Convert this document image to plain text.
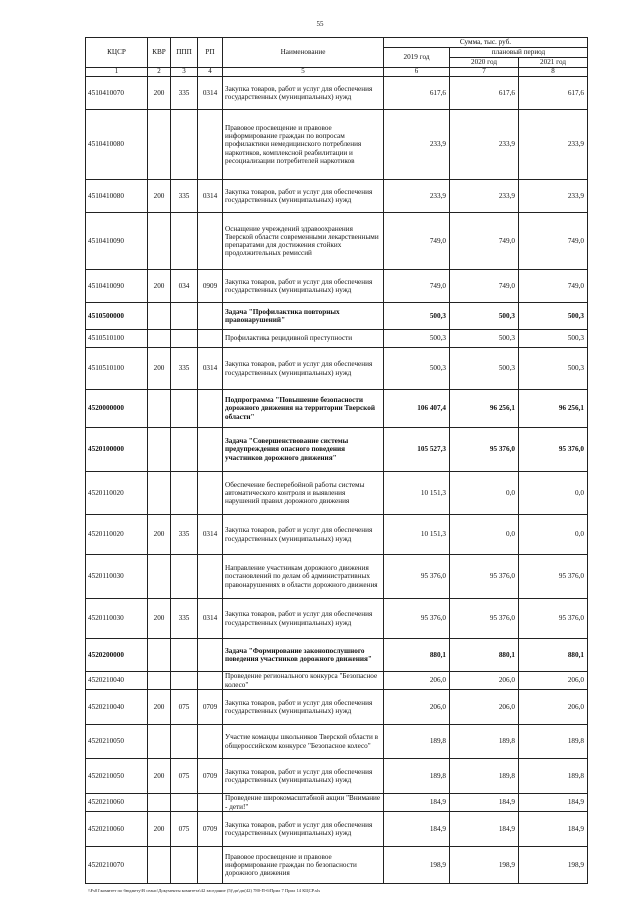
55
КЦСР	КВР	ППП	РП	Наименование	Сумма, тыс. руб.		
					2019 год	плановый период	
						2020 год	2021 год
1	2	3	4	5	6	7	8
4510410070	200	335	0314	Закупка товаров, работ и услуг для обеспечения государственных (муниципальных) нужд	617,6	617,6	617,6
4510410080				Правовое просвещение и правовое информирование граждан по вопросам профилактики немедицинского потребления наркотиков, комплексной реабилитации и ресоциализации потребителей наркотиков	233,9	233,9	233,9
4510410080	200	335	0314	Закупка товаров, работ и услуг для обеспечения государственных (муниципальных) нужд	233,9	233,9	233,9
4510410090				Оснащение учреждений здравоохранения Тверской области современными лекарственными препаратами для достижения стойких продолжительных ремиссий	749,0	749,0	749,0
4510410090	200	034	0909	Закупка товаров, работ и услуг для обеспечения государственных (муниципальных) нужд	749,0	749,0	749,0
4510500000				Задача "Профилактика повторных правонарушений"	500,3	500,3	500,3
4510510100				Профилактика рецидивной преступности	500,3	500,3	500,3
4510510100	200	335	0314	Закупка товаров, работ и услуг для обеспечения государственных (муниципальных) нужд	500,3	500,3	500,3
4520000000				Подпрограмма "Повышение безопасности дорожного движения на территории Тверской области"	106 407,4	96 256,1	96 256,1
4520100000				Задача "Совершенствование системы предупреждения опасного поведения участников дорожного движения"	105 527,3	95 376,0	95 376,0
4520110020				Обеспечение бесперебойной работы системы автоматического контроля и выявления нарушений правил дорожного движения	10 151,3	0,0	0,0
4520110020	200	335	0314	Закупка товаров, работ и услуг для обеспечения государственных (муниципальных) нужд	10 151,3	0,0	0,0
4520110030				Направление участникам дорожного движения постановлений по делам об административных правонарушениях в области дорожного движения	95 376,0	95 376,0	95 376,0
4520110030	200	335	0314	Закупка товаров, работ и услуг для обеспечения государственных (муниципальных) нужд	95 376,0	95 376,0	95 376,0
4520200000				Задача "Формирование законопослушного поведения участников дорожного движения"	880,1	880,1	880,1
4520210040				Проведение регионального конкурса "Безопасное колесо"	206,0	206,0	206,0
4520210040	200	075	0709	Закупка товаров, работ и услуг для обеспечения государственных (муниципальных) нужд	206,0	206,0	206,0
4520210050				Участие команды школьников Тверской области в общероссийском конкурсе "Безопасное колесо"	189,8	189,8	189,8
4520210050	200	075	0709	Закупка товаров, работ и услуг для обеспечения государственных (муниципальных) нужд	189,8	189,8	189,8
4520210060				Проведение широкомасштабной акции "Внимание - дети!"	184,9	184,9	184,9
4520210060	200	075	0709	Закупка товаров, работ и услуг для обеспечения государственных (муниципальных) нужд	184,9	184,9	184,9
4520210070				Правовое просвещение и правовое информирование граждан по безопасности дорожного движения	198,9	198,9	198,9
\\Fs01\комитет по бюджету\В сеанс\Документы комитета\42 заседание (5)\дп\дп(42) 780-П-6\Прил 7 Прил 14 КЦСР.xls
